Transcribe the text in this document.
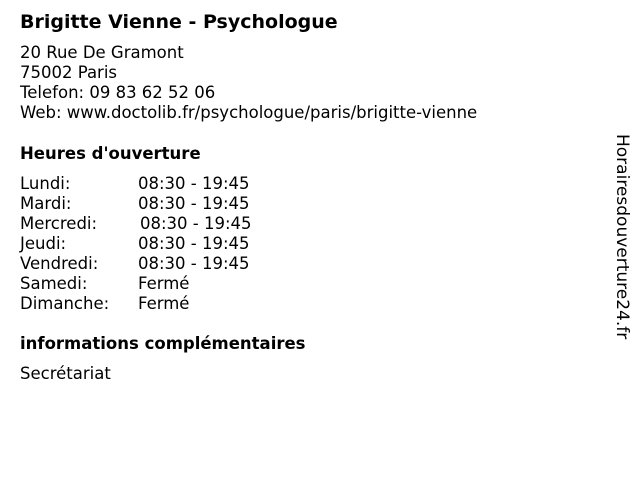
Brigitte Vienne - Psychologue
20 Rue De Gramont
75002 Paris
Telefon: 09 83 62 52 06
Web: www.doctolib.fr/psychologue/paris/brigitte-vienne
Heures d'ouverture
Lundi:	08:30 - 19:45
Mardi:	08:30 - 19:45
Mercredi:	08:30 - 19:45
Jeudi:	08:30 - 19:45
Vendredi: 08:30 - 19:45
Samedi:	Fermé
Dimanche: Fermé
informations complémentaires
Secrétariat
Horairesdouverture24.fr
